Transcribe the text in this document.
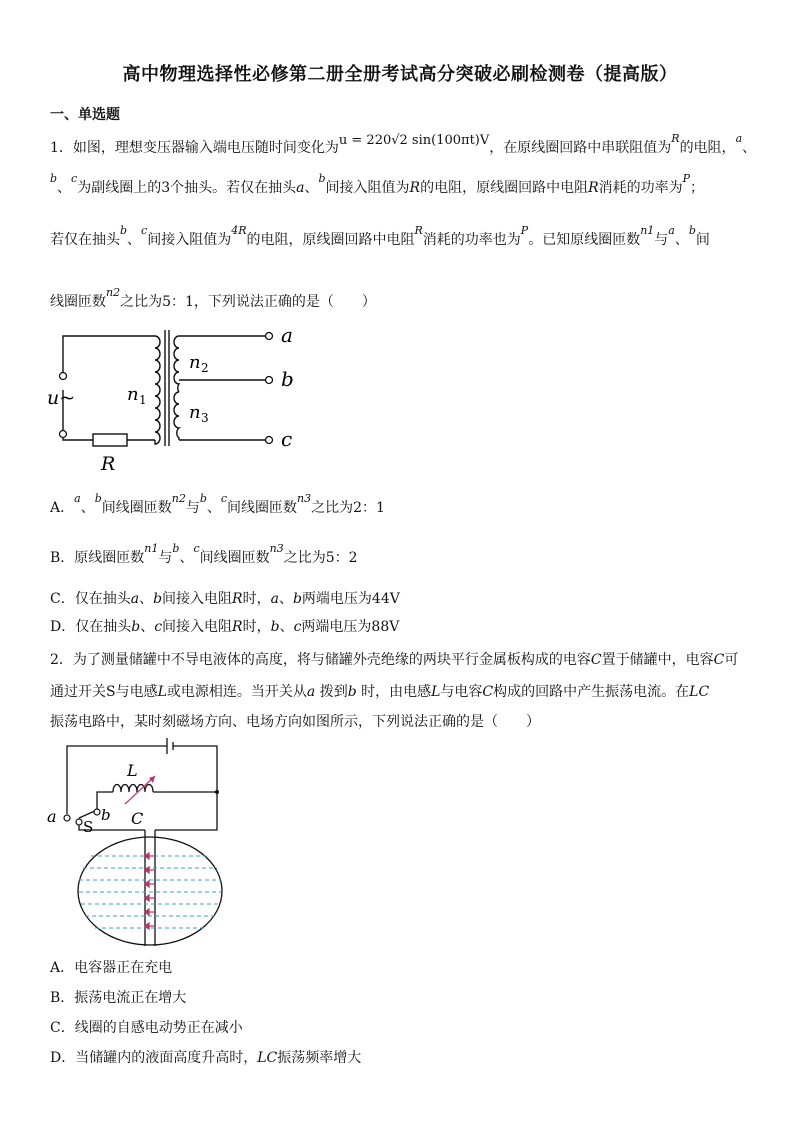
高中物理选择性必修第二册全册考试高分突破必刷检测卷（提高版）
一、单选题
1．如图，理想变压器输入端电压随时间变化为u = 220√2 sin(100πt)V，在原线圈回路中串联阻值为$^R$的电阻，$^a$、
$^b$、$^c$为副线圈上的3个抽头。若仅在抽头a、$^b$间接入阻值为R的电阻，原线圈回路中电阻R消耗的功率为$^P$；
若仅在抽头$^b$、$^c$间接入阻值为$^{4R}$的电阻，原线圈回路中电阻$^R$消耗的功率也为$^P$。已知原线圈匝数$^{n1}$与$^a$、$^b$间
线圈匝数$^{n2}$之比为5：1，下列说法正确的是（　　）
a
b
c
n 2
n 3
n 1
u~
R
A．$^a$、$^b$间线圈匝数$^{n2}$与$^b$、$^c$间线圈匝数$^{n3}$之比为2：1
B．原线圈匝数$^{n1}$与$^b$、$^c$间线圈匝数$^{n3}$之比为5：2
C．仅在抽头a、b间接入电阻R时，a、b两端电压为44V
D．仅在抽头b、c间接入电阻R时，b、c两端电压为88V
2．为了测量储罐中不导电液体的高度，将与储罐外壳绝缘的两块平行金属板构成的电容C置于储罐中，电容C可
通过开关S与电感L或电源相连。当开关从a 拨到b 时，由电感L与电容C构成的回路中产生振荡电流。在LC
振荡电路中，某时刻磁场方向、电场方向如图所示，下列说法正确的是（　　）
L
a	b
S C
A．电容器正在充电
B．振荡电流正在增大
C．线圈的自感电动势正在减小
D．当储罐内的液面高度升高时，LC振荡频率增大
